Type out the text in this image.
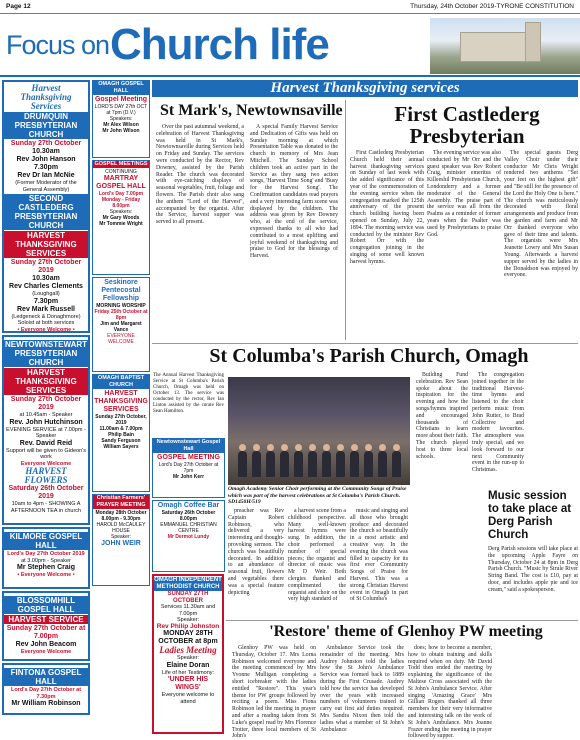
Page 12	Thursday, 24th October 2019-TYRONE CONSTITUTION
Focus on Church life
Harvest
Thanksgiving
Services
DRUMQUIN PRESBYTERIAN CHURCH
Sunday 27th October
10.30am
Rev John Hanson
7.30pm
Rev Dr Ian McNie
(Former Moderator of the General Assembly)
SECOND CASTLEDERG PRESBYTERIAN CHURCH
HARVEST THANKSGIVING SERVICES
Sunday 27th October 2019
10.30am
Rev Charles Clements
(Loughgall)
7.30pm
Rev Mark Russell
(Ledgeneck & Donaghmore)
Soloist at both services
• Everyone Welcome •
NEWTOWNSTEWART PRESBYTERIAN CHURCH
HARVEST THANKSGIVING SERVICES
Sunday 27th October 2019
at 10.45am - Speaker
Rev. John Hutchinson
EVENING SERVICE at 7.00pm - Speaker
Rev. David Reid
Support will be given to Gideon's work
Everyone Welcome
HARVEST FLOWERS
Saturday 26th October 2019
10am to 4pm - SHOWING A AFTERNOON TEA in church
KILMORE GOSPEL HALL
Lord's Day 27th October 2019
at 3.00pm - Speaker
Mr Stephen Craig
• Everyone Welcome •
BLOSSOMHILL GOSPEL HALL
HARVEST SERVICE
Sunday 27th October at 7.00pm
Rev John Beacom
Everyone Welcome
FINTONA GOSPEL HALL
Lord's Day 27th October at 7.30pm
Mr William Robinson
OMAGH GOSPEL HALL
Gospel Meeting
LORD'S DAY 27th OCT at 7pm (D.V.)
Speakers:
Mr Alex Wilson
Mr John Wilson
GOSPEL MEETINGS
CONTINUING
MARTRAY GOSPEL HALL
Lord's Day 7.00pm
Monday - Friday 8.00pm
Speakers:
Mr Gary Woods
Mr Tommie Wright
Seskinore Pentecostal Fellowship
MORNING WORSHIP
Friday 25th October at 8pm
Jim and Margaret Vance
EVERYONE WELCOME
OMAGH BAPTIST CHURCH
HARVEST THANKSGIVING SERVICES
Sunday 27th October, 2019
11.00am & 7.00pm
Philip Bain
Sandy Ferguson
William Sayers
Christian Farmers' PRAYER MEETING
Monday 28th October
8.00pm - 9.30pm
HAROLD McCAULEY HOUSE
Speaker:
JOHN WEIR
Harvest Thanksgiving services
St Mark's, Newtownsaville

Over the past autumnal weekend, a celebration of Harvest Thanksgiving was held in St Mark's, Newtownsaville during Services held on Friday and Sunday. The services were conducted by the Rector, Rev Downey, assisted by the Parish Reader. The church was decorated with eye-catching displays of seasonal vegetables, fruit, foliage and flowers. The Parish choir also sang the anthem "Lord of the Harvest", accompanied by the organist. After the Service, harvest supper was served to all present.

A special Family Harvest Service and Dedication of Gifts was held on Sunday morning at which Presentation Table was donated to the church in memory of Mrs Jean Mitchell. The Sunday School children took an active part in the Service as they sang two action songs, 'Harvest Time Song' and 'Busy for the Harvest Song'. The Confirmation candidates read prayers and a very interesting farm scene was displayed by the children. The address was given by Rev Downey who, at the end of the service, expressed thanks to all who had contributed to a most uplifting and joyful weekend of thanksgiving and praise to God for the blessings of Harvest.

First Castlederg
Presbyterian

First Castlederg Presbyterian Church held their annual harvest thanksgiving services on Sunday of last week with the added significance of this year of the commemoration of the evening service when the congregation marked the 125th anniversary of the present church building having been opened on Sunday, July 22, 1894. The morning service was conducted by the minister Rev Robert Orr with the congregation joining in the singing of some well known harvest hymns.

The evening service was also conducted by Mr Orr and the guest speaker was Rev Robert Craig, minister emeritus of Killeeshil Presbyterian Church, Londonderry and a former moderator of the General Assembly. The praise part of the service was all from the Psalms as a reminder of former years when the Psalter was used by Presbyterians to praise God.

The special guests Derg Valley Choir under their conductor Mr Chris Wright rendered two anthems "Set your feet on the highest gift" and "Be still for the presence of the Lord the Holy One is here." The church was meticulously decorated with floral arrangements and produce from the garden and farm and Mr Orr thanked everyone who gave of their time and talents. The organists were Mrs Jeanette Lowry and Mrs Susan Young. Afterwards a harvest supper served by the ladies in the Donaldson was enjoyed by everyone.

St Columba's Parish Church, Omagh
The Annual Harvest Thanksgiving Service at St Columba's Parish Church, Omagh was held on October 13. The service was conducted by the rector, Rev Ian Linton assisted by the curate Rev Sean Hamilton.
Newtownstewart Gospel Hall
GOSPEL MEETING
Lord's Day 27th October at 7pm
Mr John Kerr
Omagh Coffee Bar
Saturday 26th October
8.00pm
EMMANUEL CHRISTIAN CENTRE
Mr Dermot Lundy
Omagh Academy Senior Choir performing at the Community Songs of Praise which was part of the harvest celebrations at St Columba's Parish Church. SD1450H/519

Building Fund celebration. Rev Sean spoke about the inspiration for the evening and how the songs/hymns inspired and encouraged thousands of Christians to learn more about their faith. The church played host to three local schools.

The congregation joined together in the traditional Harvest-time hymns and listened to the choir perform music from John Rutter, to Brad Collective and modern favourites. The atmosphere was truly special, and we look forward to our next Community event in the run-up to Christmas.

preacher was Rev Captain Robert Robinson, who delivered a very interesting and thought-provoking sermon. The church was beautifully decorated. In addition to an abundance of seasonal fruit, flowers and vegetables there was a special feature depicting

a harvest scene from a childhood perspective. Many well-known harvest hymns were sung. In addition, the choir performed a number of special pieces; the organist and director of music was Mr D Weir. Both clergies thanked and complimented the organist and choir on the very high standard of

music and singing and all those who brought produce and decorated the church so beautifully in a most artistic and creative way. In the evening the church was filled to capacity for its first ever Community Songs of Praise for Harvest. This was a strong Christian Harvest event in Omagh in part of St Columba's

Music session to take place at Derg Parish Church
Derg Parish sessions will take place at the upcoming Apple Fayre on Thursday, October 24 at 8pm in Derg Parish Church. "Music by Strule River String Band. The cost is £10, pay at door, and includes apple pie and ice cream," said a spokesperson.
'Restore' theme of Glenhoy PW meeting

Glenhoy PW was held on Thursday, October 17. Mrs Lorna Robinson welcomed everyone and the meeting commenced by Mrs Yvonne Mulligan completing a short icebreaker with the ladies entitled "Restore". This year's theme for PW groups followed by reciting a poem. Miss Fiona Robinson led the meeting in prayer and after a reading taken from St Luke's gospel read by Mrs Florence Trotter, three local members of St John's

Ambulance Service took the remainder of the meeting. Mrs Audrey Johnston told the ladies how the St John's Ambulance Service was formed back to 1889 during the First Crusade. Audrey told how the service has developed over the years with increased numbers of volunteers trained to carry out first aid duties required. Mrs Sandra Nixon then told the ladies what a member of St John's Ambulance

does; how to become a member, how to obtain training and skills required when on duty. Mr David Todd then ended the meeting by explaining the significance of the Maltese Cross associated with the St John's Ambulance Service. After singing 'Amazing Grace' Mrs Gillian Rogers thanked all three members for their very informative and interesting talk on the work of St John's Ambulance. Mrs Joanne Frazer ending the meeting in prayer followed by supper.

OMAGH INDEPENDENT METHODIST CHURCH
SUNDAY 27TH OCTOBER
Services 11.30am and 7.00pm
Speaker:
Rev Philip Johnston
MONDAY 28TH OCTOBER at 8pm
Ladies Meeting
Speaker:
Elaine Doran
Life of her Testimony:
'UNDER HIS WINGS'
Everyone welcome to attend
